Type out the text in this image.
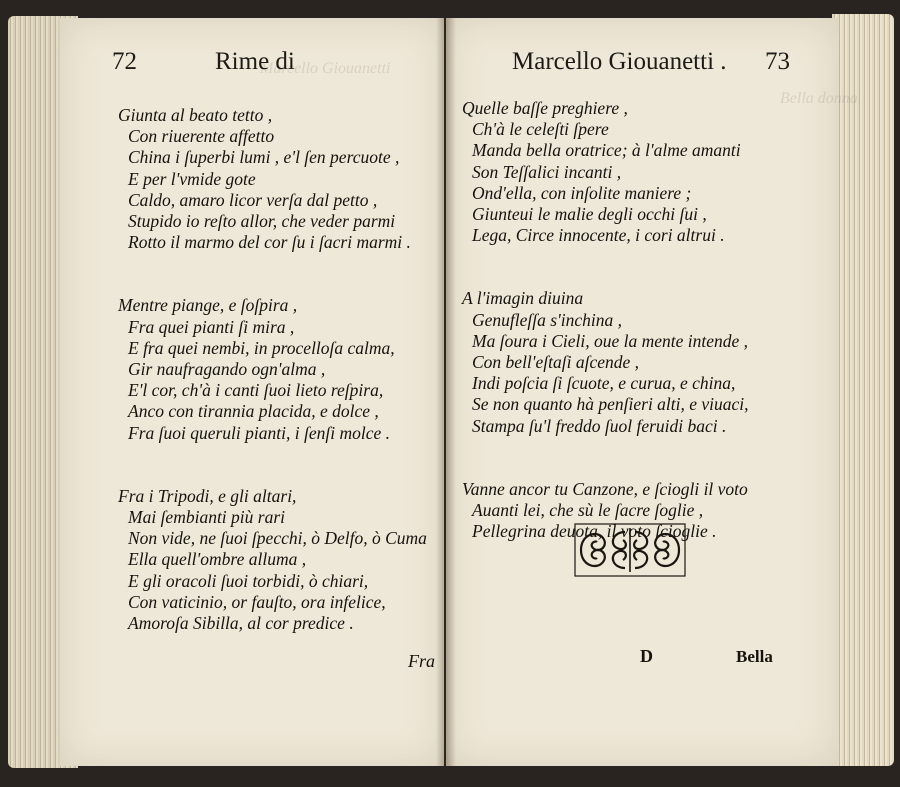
Marcello Giouanetti
Bella donna
72	Rime di	Marcello Giouanetti . 73
Giunta al beato tetto ,
Con riuerente affetto
China i ſuperbi lumi , e'l ſen percuote ,
E per l'vmide gote
Caldo, amaro licor verſa dal petto ,
Stupido io reſto allor, che veder parmi
Rotto il marmo del cor ſu i ſacri marmi .
Mentre piange, e ſoſpira ,
Fra quei pianti ſi mira ,
E fra quei nembi, in procelloſa calma,
Gir naufragando ogn'alma ,
E'l cor, ch'à i canti ſuoi lieto reſpira,
Anco con tirannia placida, e dolce ,
Fra ſuoi queruli pianti, i ſenſi molce .
Fra i Tripodi, e gli altari,
Mai ſembianti più rari
Non vide, ne ſuoi ſpecchi, ò Delfo, ò Cuma
Ella quell'ombre alluma ,
E gli oracoli ſuoi torbidi, ò chiari,
Con vaticinio, or fauſto, ora infelice,
Amoroſa Sibilla, al cor predice .
Fra
Quelle baſſe preghiere ,
Ch'à le celeſti ſpere
Manda bella oratrice; à l'alme amanti
Son Teſſalici incanti ,
Ond'ella, con inſolite maniere ;
Giunteui le malie degli occhi ſui ,
Lega, Circe innocente, i cori altrui .
A l'imagin diuina
Genufleſſa s'inchina ,
Ma ſoura i Cieli, oue la mente intende ,
Con bell'eſtaſi aſcende ,
Indi poſcia ſi ſcuote, e curua, e china,
Se non quanto hà penſieri alti, e viuaci,
Stampa ſu'l freddo ſuol feruidi baci .
Vanne ancor tu Canzone, e ſciogli il voto
Auanti lei, che sù le ſacre ſoglie ,
Pellegrina deuota, il voto ſcioglie .
D	Bella
